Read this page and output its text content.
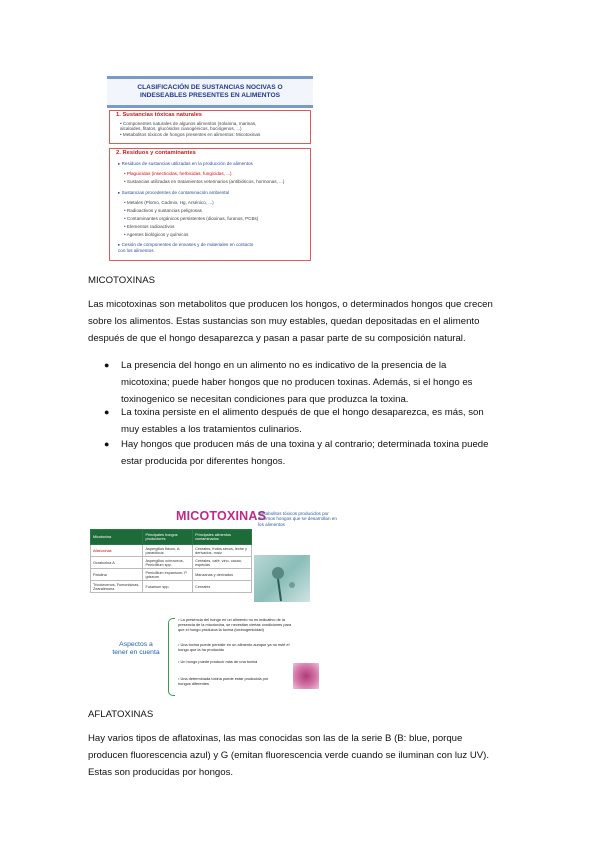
CLASIFICACIÓN DE SUSTANCIAS NOCIVAS O
INDESEABLES PRESENTES EN ALIMENTOS
1. Sustancias tóxicas naturales
• Componentes naturales de algunos alimentos (solanina, marinas,
alcaloides, fitatos, glucósidos cianogénicos, bociógenos, ...)
• Metabolitos tóxicos de hongos presentes en alimentos: Micotoxinas
2. Residuos y contaminantes
▸ Residuos de sustancias utilizadas en la producción de alimentos
• Plaguicidas (insecticidas, herbicidas, fungicidas, ...)
• Sustancias utilizadas en tratamientos veterinarios (antibióticos, hormonas, ...)
▸ Sustancias procedentes de contaminación ambiental
• Metales (Plomo, Cadmio, Hg, Arsénico, ...)
• Radioactivos y sustancias peligrosas
• Contaminantes orgánicos persistentes (dioxinas, furanos, PCBs)
• Elementos radioactivos
• Agentes biológicos y químicos
▸ Cesión de componentes de envases y de materiales en contacto
con los alimentos
MICOTOXINAS

Las micotoxinas son metabolitos que producen los hongos, o determinados hongos que crecen

sobre los alimentos. Estas sustancias son muy estables, quedan depositadas en el alimento

después de que el hongo desaparezca y pasan a pasar parte de su composición natural.

● La presencia del hongo en un alimento no es indicativo de la presencia de la
micotoxina; puede haber hongos que no producen toxinas. Además, si el hongo es
toxinogenico se necesitan condiciones para que produzca la toxina.
● La toxina persiste en el alimento después de que el hongo desaparezca, es más, son
muy estables a los tratamientos culinarios.
● Hay hongos que producen más de una toxina y al contrario; determinada toxina puede
estar producida por diferentes hongos.
MICOTOXINAS
Micotoxina	Principales hongos productores	Principales alimentos contaminados
Aflatoxinas	Aspergillus flavus, A. parasiticus	Cereales, frutos secos, leche y derivados, maíz
Ocratoxina A	Aspergillus ochraceus, Penicillium spp.	Cereales, café, vino, cacao, especias
Patulina	Penicillium expansum, P. griseum	Manzanas y derivados
Tricotecenos, Fumonisinas, Zearalenona	Fusarium spp.	Cereales
Metabolitos tóxicos producidos por diversos hongos que se desarrollan en los alimentos
Aspectos a
tener en cuenta
• La presencia del hongo en un alimento no es indicativo de la presencia de la micotoxina, se necesitan ciertas condiciones para que el hongo produzca la toxina (toxinogenicidad)
• Una toxina puede persistir en un alimento aunque ya no esté el hongo que la ha producido
• Un hongo puede producir más de una toxina
• Una determinada toxina puede estar producida por hongos diferentes
AFLATOXINAS

Hay varios tipos de aflatoxinas, las mas conocidas son las de la serie B (B: blue, porque

producen fluorescencia azul) y G (emitan fluorescencia verde cuando se iluminan con luz UV).

Estas son producidas por hongos.
